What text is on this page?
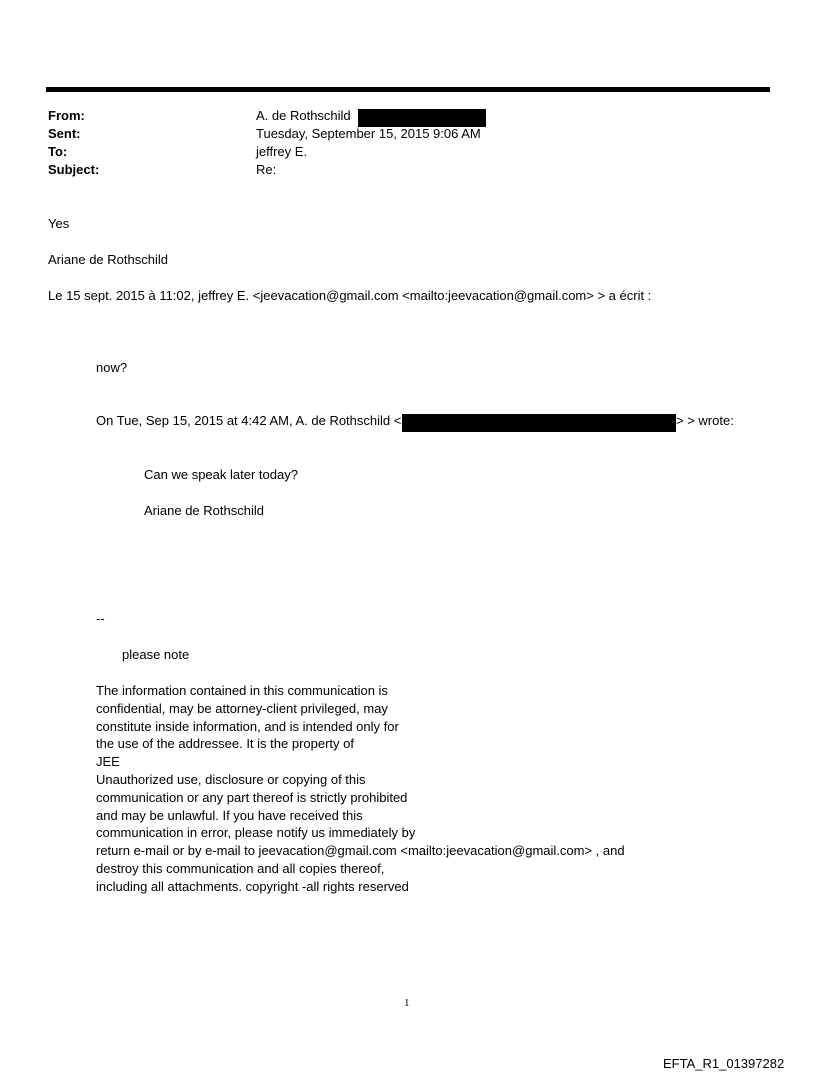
From:	A. de Rothschild
Sent:	Tuesday, September 15, 2015 9:06 AM
To:	jeffrey E.
Subject:	Re:
Yes
Ariane de Rothschild
Le 15 sept. 2015 à 11:02, jeffrey E. <jeevacation@gmail.com <mailto:jeevacation@gmail.com> > a écrit :
now?
On Tue, Sep 15, 2015 at 4:42 AM, A. de Rothschild <	> > wrote:
Can we speak later today?
Ariane de Rothschild
--
please note
The information contained in this communication is
confidential, may be attorney-client privileged, may
constitute inside information, and is intended only for
the use of the addressee. It is the property of
JEE
Unauthorized use, disclosure or copying of this
communication or any part thereof is strictly prohibited
and may be unlawful. If you have received this
communication in error, please notify us immediately by
return e-mail or by e-mail to jeevacation@gmail.com <mailto:jeevacation@gmail.com> , and
destroy this communication and all copies thereof,
including all attachments. copyright -all rights reserved
1
EFTA_R1_01397282
